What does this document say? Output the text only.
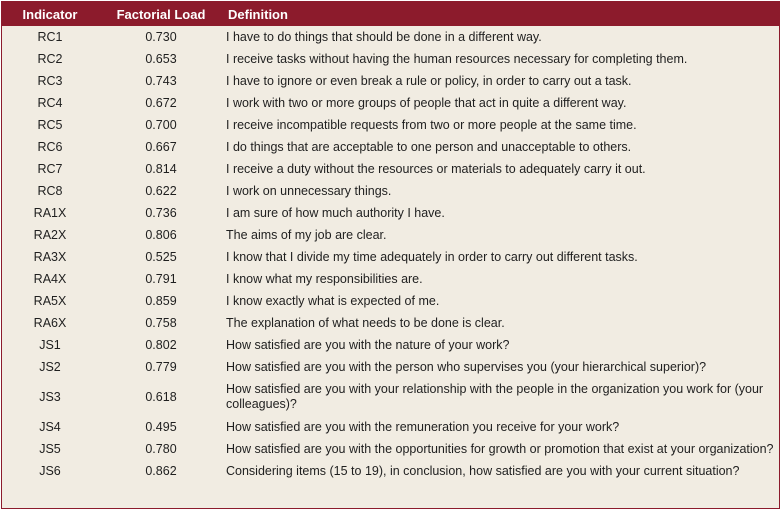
Indicator	Factorial Load	Definition
RC1	0.730	I have to do things that should be done in a different way.
RC2	0.653	I receive tasks without having the human resources necessary for completing them.
RC3	0.743	I have to ignore or even break a rule or policy, in order to carry out a task.
RC4	0.672	I work with two or more groups of people that act in quite a different way.
RC5	0.700	I receive incompatible requests from two or more people at the same time.
RC6	0.667	I do things that are acceptable to one person and unacceptable to others.
RC7	0.814	I receive a duty without the resources or materials to adequately carry it out.
RC8	0.622	I work on unnecessary things.
RA1X	0.736	I am sure of how much authority I have.
RA2X	0.806	The aims of my job are clear.
RA3X	0.525	I know that I divide my time adequately in order to carry out different tasks.
RA4X	0.791	I know what my responsibilities are.
RA5X	0.859	I know exactly what is expected of me.
RA6X	0.758	The explanation of what needs to be done is clear.
JS1	0.802	How satisfied are you with the nature of your work?
JS2	0.779	How satisfied are you with the person who supervises you (your hierarchical superior)?
JS3	0.618	How satisfied are you with your relationship with the people in the organization you work for (your colleagues)?
JS4	0.495	How satisfied are you with the remuneration you receive for your work?
JS5	0.780	How satisfied are you with the opportunities for growth or promotion that exist at your organization?
JS6	0.862	Considering items (15 to 19), in conclusion, how satisfied are you with your current situation?
